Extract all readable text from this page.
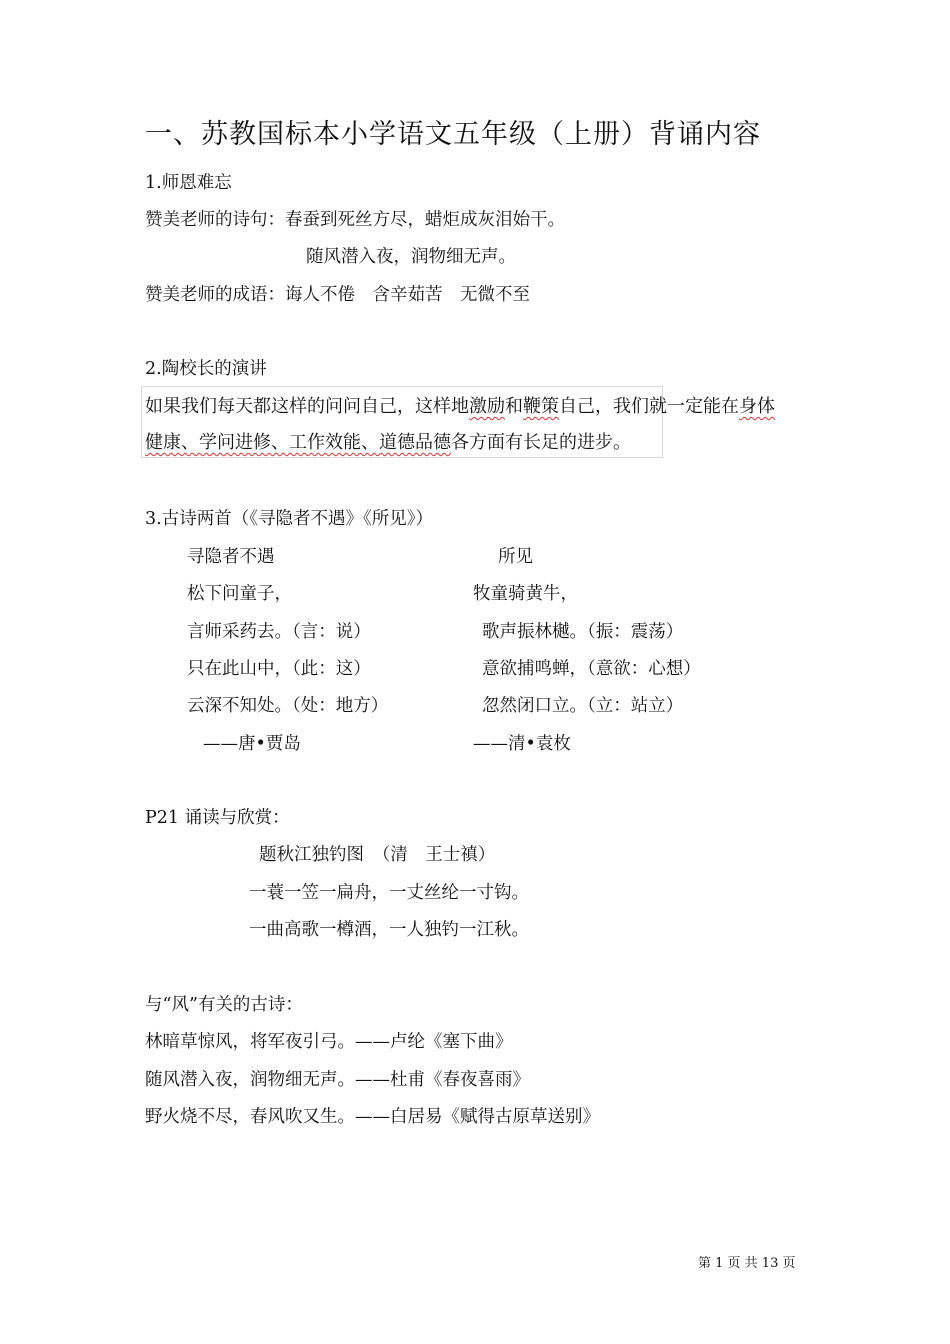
一、苏教国标本小学语文五年级（上册）背诵内容
1.师恩难忘
赞美老师的诗句：春蚕到死丝方尽，蜡炬成灰泪始干。
随风潜入夜，润物细无声。
赞美老师的成语：诲人不倦　含辛茹苦　无微不至
2.陶校长的演讲
如果我们每天都这样的问问自己，这样地激励和鞭策自己，我们就一定能在身体
健康、学问进修、工作效能、道德品德各方面有长足的进步。
3.古诗两首（《寻隐者不遇》《所见》）
寻隐者不遇
松下问童子，
言师采药去。（言：说）
只在此山中，（此：这）
云深不知处。（处：地方）
——唐•贾岛
所见
牧童骑黄牛，
歌声振林樾。（振：震荡）
意欲捕鸣蝉，（意欲：心想）
忽然闭口立。（立：站立）
——清•袁枚
P21 诵读与欣赏：
题秋江独钓图　（清　王士禛）
一蓑一笠一扁舟，一丈丝纶一寸钩。
一曲高歌一樽酒，一人独钓一江秋。
与“风”有关的古诗：
林暗草惊风，将军夜引弓。——卢纶《塞下曲》
随风潜入夜，润物细无声。——杜甫《春夜喜雨》
野火烧不尽，春风吹又生。——白居易《赋得古原草送别》
第 1 页 共 13 页
